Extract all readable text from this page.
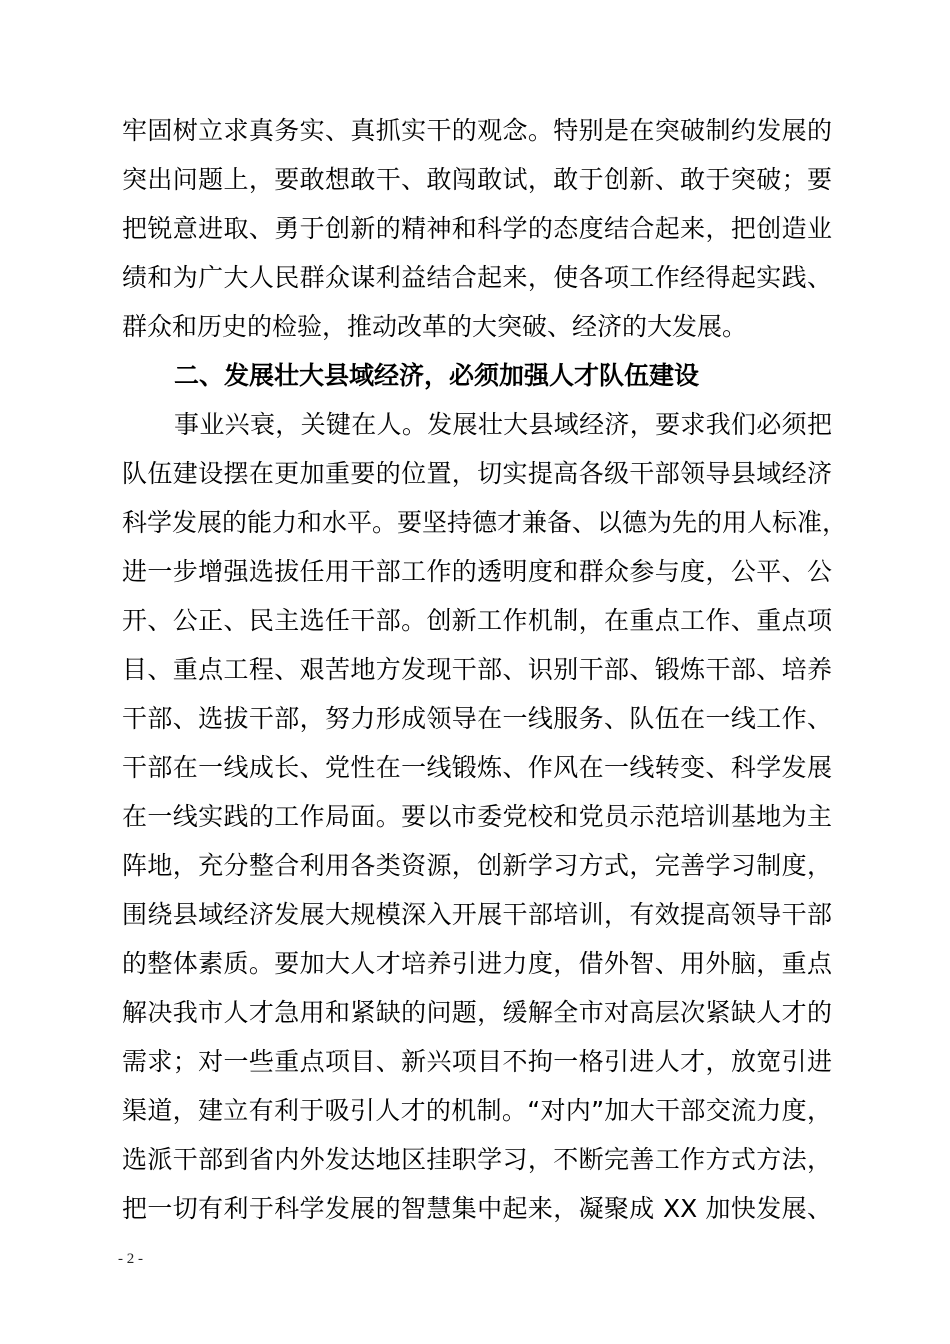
牢固树立求真务实、真抓实干的观念。特别是在突破制约发展的
突出问题上，要敢想敢干、敢闯敢试，敢于创新、敢于突破；要
把锐意进取、勇于创新的精神和科学的态度结合起来，把创造业
绩和为广大人民群众谋利益结合起来，使各项工作经得起实践、
群众和历史的检验，推动改革的大突破、经济的大发展。
二、发展壮大县域经济，必须加强人才队伍建设
事业兴衰，关键在人。发展壮大县域经济，要求我们必须把
队伍建设摆在更加重要的位置，切实提高各级干部领导县域经济
科学发展的能力和水平。要坚持德才兼备、以德为先的用人标准，
进一步增强选拔任用干部工作的透明度和群众参与度，公平、公
开、公正、民主选任干部。创新工作机制，在重点工作、重点项
目、重点工程、艰苦地方发现干部、识别干部、锻炼干部、培养
干部、选拔干部，努力形成领导在一线服务、队伍在一线工作、
干部在一线成长、党性在一线锻炼、作风在一线转变、科学发展
在一线实践的工作局面。要以市委党校和党员示范培训基地为主
阵地，充分整合利用各类资源，创新学习方式，完善学习制度，
围绕县域经济发展大规模深入开展干部培训，有效提高领导干部
的整体素质。要加大人才培养引进力度，借外智、用外脑，重点
解决我市人才急用和紧缺的问题，缓解全市对高层次紧缺人才的
需求；对一些重点项目、新兴项目不拘一格引进人才，放宽引进
渠道，建立有利于吸引人才的机制。“对内”加大干部交流力度，
选派干部到省内外发达地区挂职学习，不断完善工作方式方法，
把一切有利于科学发展的智慧集中起来，凝聚成 XX 加快发展、
- 2 -
